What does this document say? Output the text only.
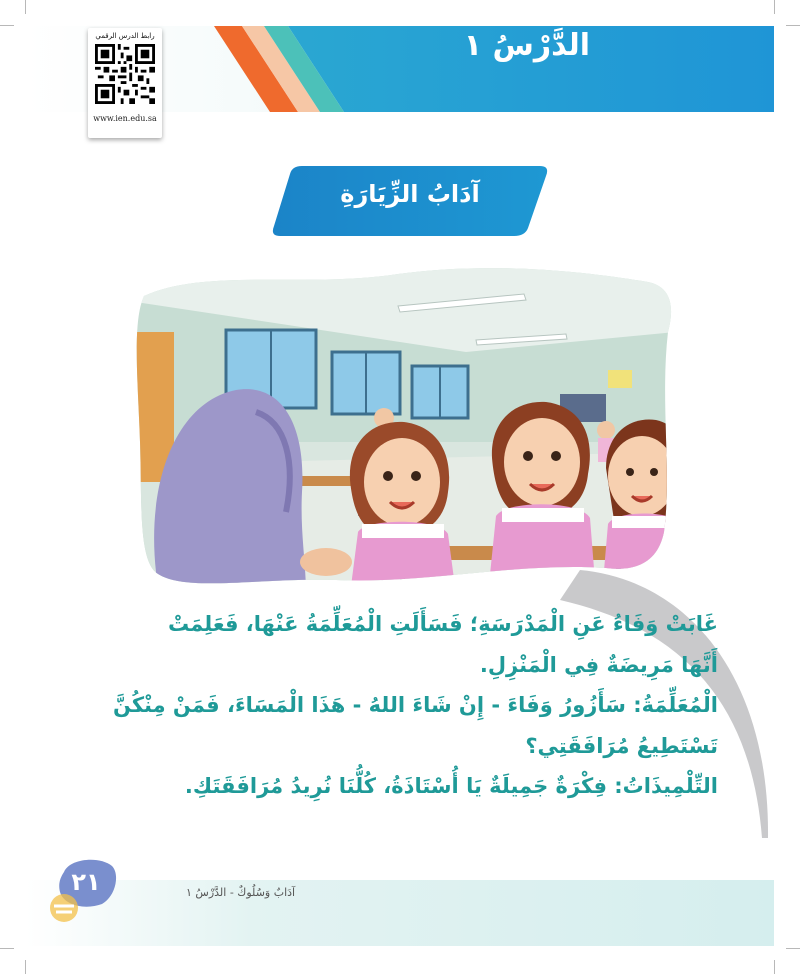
الدَّرْسُ ١
رابط الدرس الرقمي
www.ien.edu.sa
آدَابُ الزِّيَارَةِ

غَابَتْ وَفَاءُ عَنِ الْمَدْرَسَةِ؛ فَسَأَلَتِ الْمُعَلِّمَةُ عَنْهَا، فَعَلِمَتْ

أَنَّهَا مَرِيضَةٌ فِي الْمَنْزِلِ.

الْمُعَلِّمَةُ: سَأَزُورُ وَفَاءَ - إِنْ شَاءَ اللهُ - هَذَا الْمَسَاءَ، فَمَنْ مِنْكُنَّ

تَسْتَطِيعُ مُرَافَقَتِي؟

التِّلْمِيذَاتُ: فِكْرَةٌ جَمِيلَةٌ يَا أُسْتَاذَةُ، كُلُّنَا نُرِيدُ مُرَافَقَتَكِ.

٢١	آدَابٌ وَسُلُوكٌ - الدَّرْسُ ١
